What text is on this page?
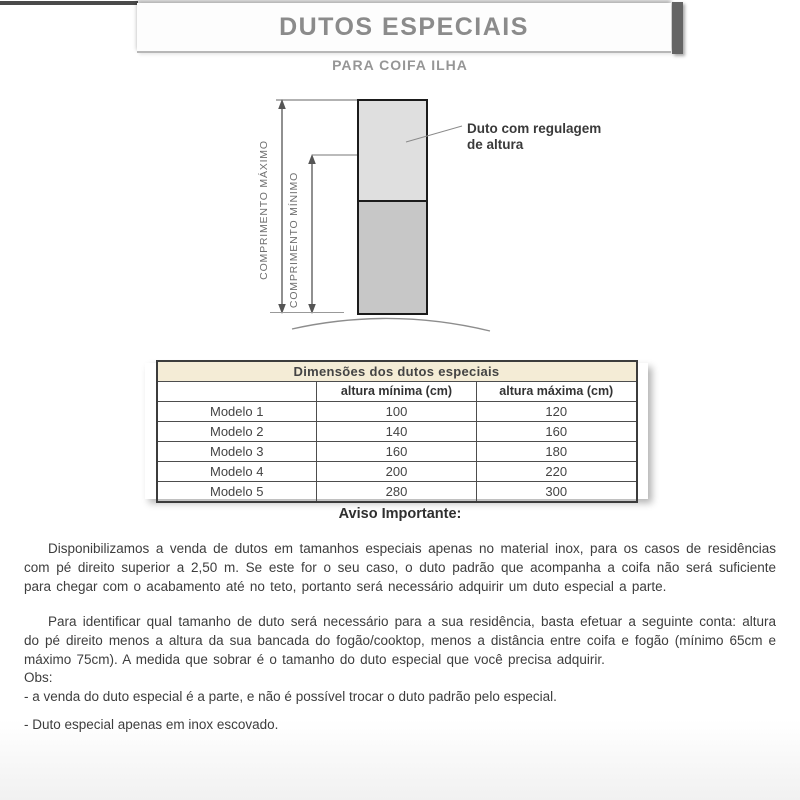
DUTOS ESPECIAIS
PARA COIFA ILHA
Duto com regulagem
de altura
COMPRIMENTO MÁXIMO COMPRIMENTO MÍNIMO
Dimensões dos dutos especiais		
	altura mínima (cm)	altura máxima (cm)
Modelo 1	100	120
Modelo 2	140	160
Modelo 3	160	180
Modelo 4	200	220
Modelo 5	280	300
Aviso Importante:

Disponibilizamos a venda de dutos em tamanhos especiais apenas no material inox, para os casos de residências com pé direito superior a 2,50 m. Se este for o seu caso, o duto padrão que acompanha a coifa não será suficiente para chegar com o acabamento até no teto, portanto será necessário adquirir um duto especial a parte.

Para identificar qual tamanho de duto será necessário para a sua residência, basta efetuar a seguinte conta: altura do pé direito menos a altura da sua bancada do fogão/cooktop, menos a distância entre coifa e fogão (mínimo 65cm e máximo 75cm). A medida que sobrar é o tamanho do duto especial que você precisa adquirir.

Obs:
- a venda do duto especial é a parte, e não é possível trocar o duto padrão pelo especial.
- Duto especial apenas em inox escovado.
